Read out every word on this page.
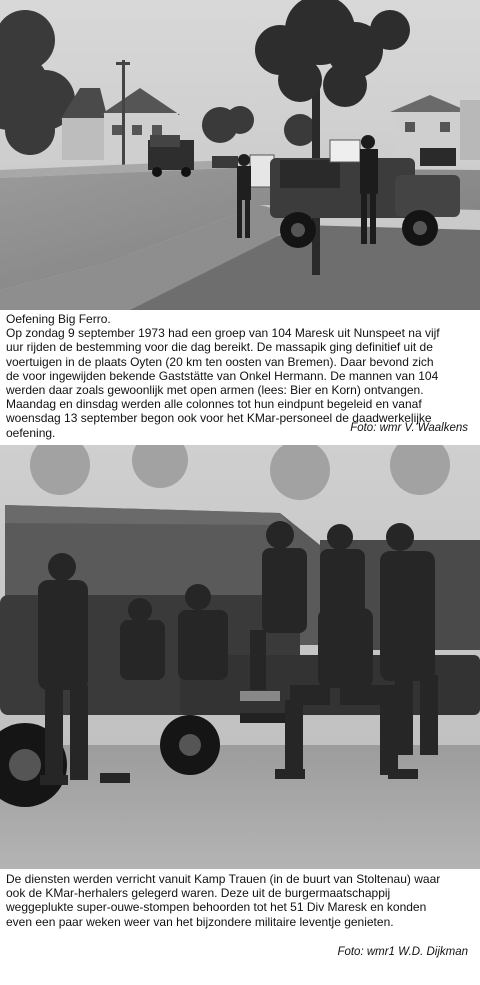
Oefening Big Ferro.
Op zondag 9 september 1973 had een groep van 104 Maresk uit Nunspeet na vijf
uur rijden de bestemming voor die dag bereikt. De massapik ging definitief uit de
voertuigen in de plaats Oyten (20 km ten oosten van Bremen). Daar bevond zich
de voor ingewijden bekende Gaststätte van Onkel Hermann. De mannen van 104
werden daar zoals gewoonlijk met open armen (lees: Bier en Korn) ontvangen.
Maandag en dinsdag werden alle colonnes tot hun eindpunt begeleid en vanaf
woensdag 13 september begon ook voor het KMar-personeel de daadwerkelijke
oefening.	Foto: wmr V. Waalkens
De diensten werden verricht vanuit Kamp Trauen (in de buurt van Stoltenau) waar
ook de KMar-herhalers gelegerd waren. Deze uit de burgermaatschappij
weggeplukte super-ouwe-stompen behoorden tot het 51 Div Maresk en konden
even een paar weken weer van het bijzondere militaire leventje genieten.
Foto: wmr1 W.D. Dijkman
